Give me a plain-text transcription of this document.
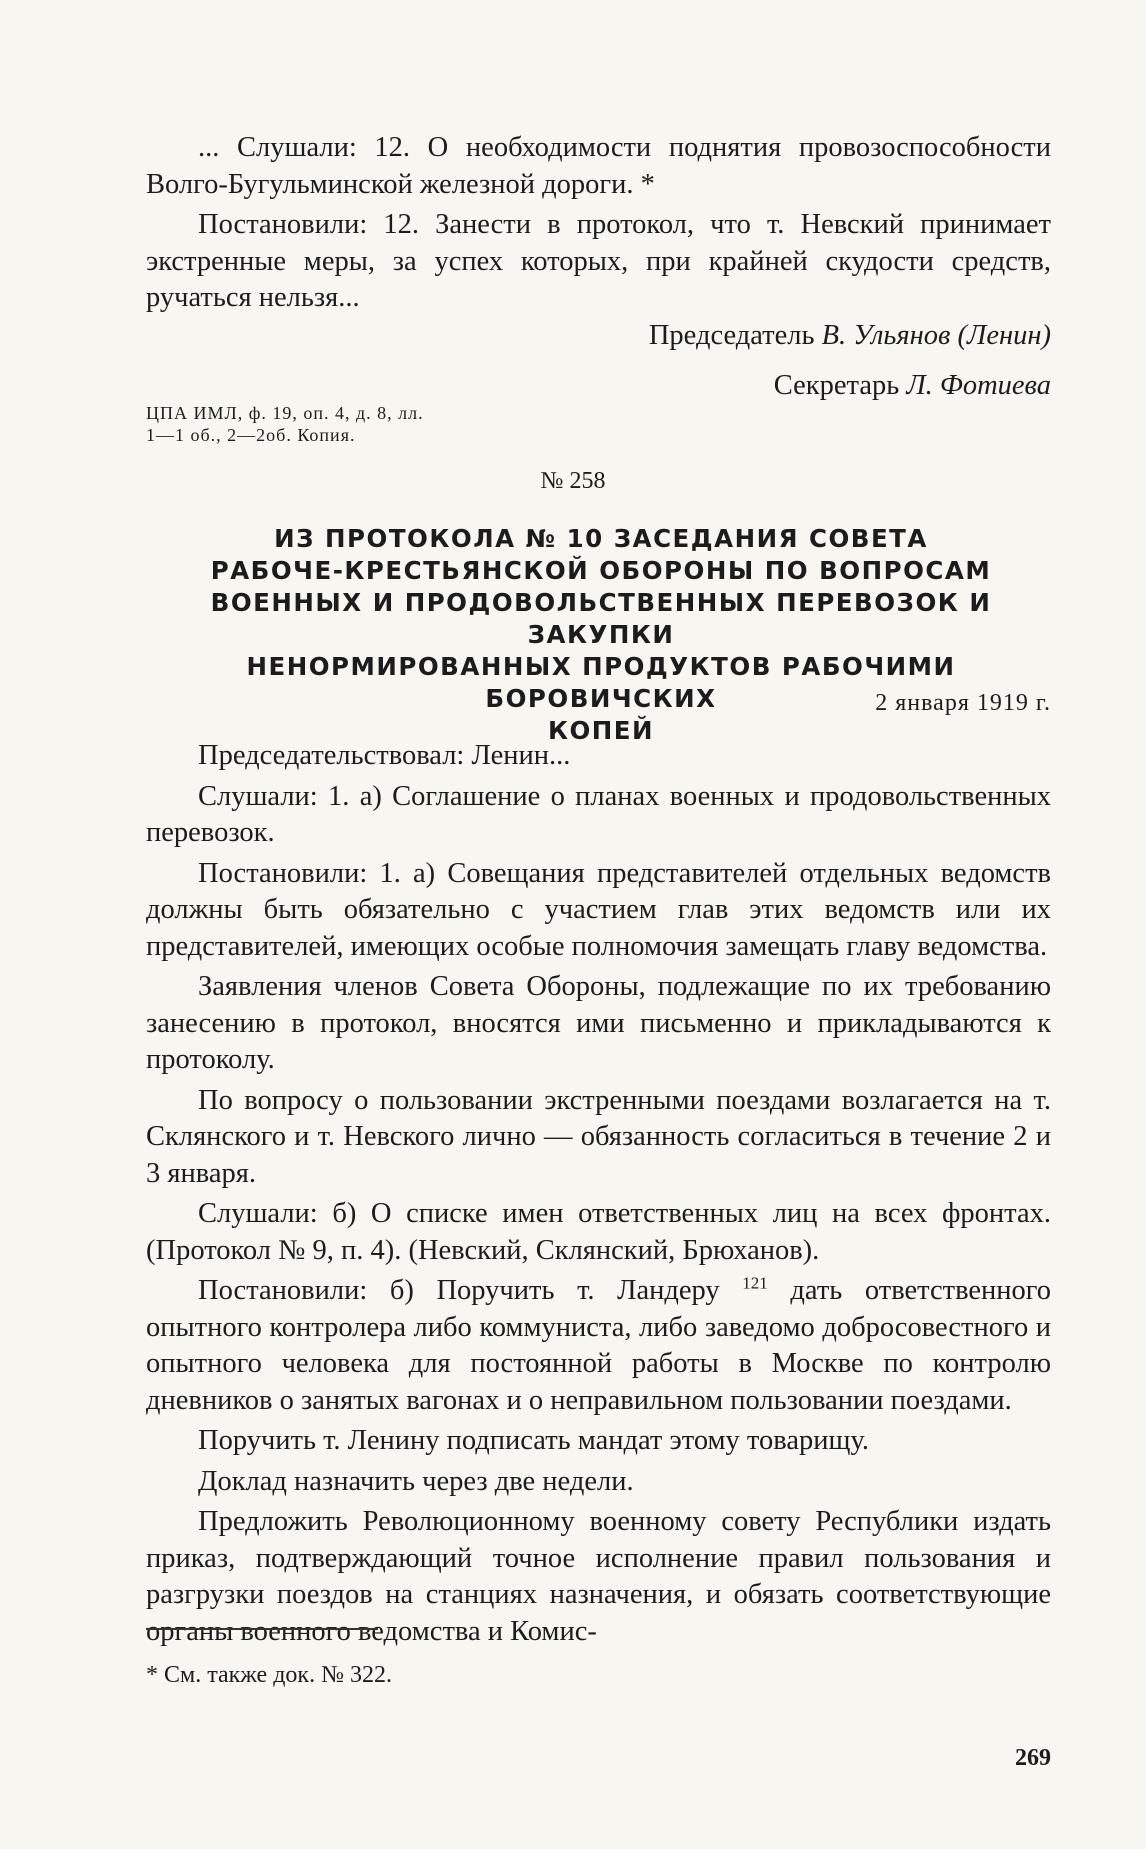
... Слушали: 12. О необходимости поднятия провозоспособности Волго-Бугульминской железной дороги. *

Постановили: 12. Занести в протокол, что т. Невский принимает экстренные меры, за успех которых, при крайней скудости средств, ручаться нельзя...

Председатель В. Ульянов (Ленин)
Секретарь Л. Фотиева
ЦПА ИМЛ, ф. 19, оп. 4, д. 8, лл.
1—1 об., 2—2об. Копия.
№ 258
ИЗ ПРОТОКОЛА № 10 ЗАСЕДАНИЯ СОВЕТА
РАБОЧЕ-КРЕСТЬЯНСКОЙ ОБОРОНЫ ПО ВОПРОСАМ
ВОЕННЫХ И ПРОДОВОЛЬСТВЕННЫХ ПЕРЕВОЗОК И ЗАКУПКИ
НЕНОРМИРОВАННЫХ ПРОДУКТОВ РАБОЧИМИ БОРОВИЧСКИХ
КОПЕЙ
2 января 1919 г.

Председательствовал: Ленин...

Слушали: 1. а) Соглашение о планах военных и продовольственных перевозок.

Постановили: 1. а) Совещания представителей отдельных ведомств должны быть обязательно с участием глав этих ведомств или их представителей, имеющих особые полномочия замещать главу ведомства.

Заявления членов Совета Обороны, подлежащие по их требованию занесению в протокол, вносятся ими письменно и прикладываются к протоколу.

По вопросу о пользовании экстренными поездами возлагается на т. Склянского и т. Невского лично — обязанность согласиться в течение 2 и 3 января.

Слушали: б) О списке имен ответственных лиц на всех фронтах. (Протокол № 9, п. 4). (Невский, Склянский, Брюханов).

Постановили: б) Поручить т. Ландеру $^{121}$ дать ответственного опытного контролера либо коммуниста, либо заведомо добросовестного и опытного человека для постоянной работы в Москве по контролю дневников о занятых вагонах и о неправильном пользовании поездами.

Поручить т. Ленину подписать мандат этому товарищу.

Доклад назначить через две недели.

Предложить Революционному военному совету Республики издать приказ, подтверждающий точное исполнение правил пользования и разгрузки поездов на станциях назначения, и обязать соответствующие органы военного ведомства и Комис-

* См. также док. № 322.
269
